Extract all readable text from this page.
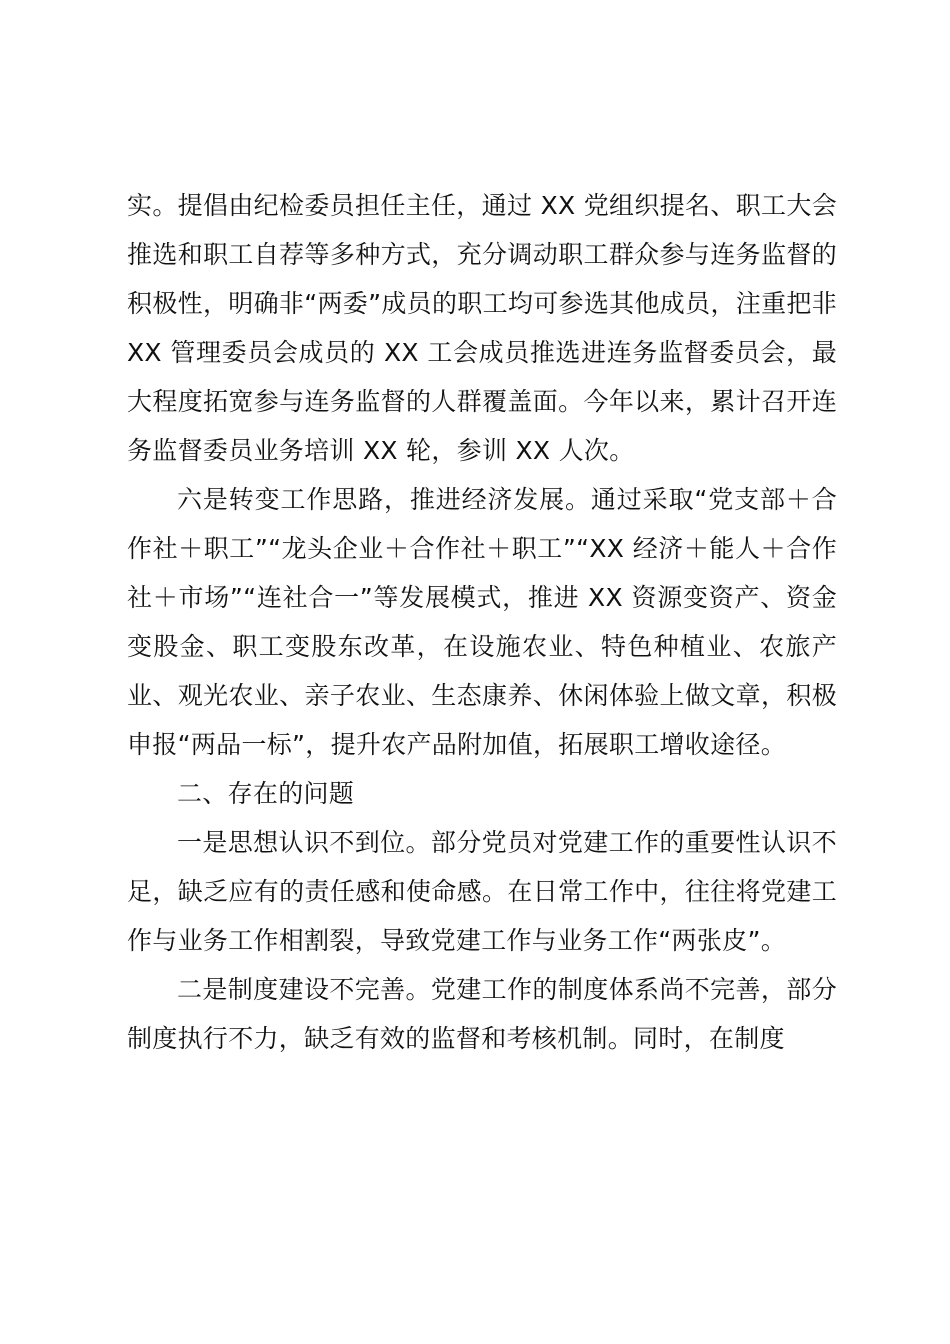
实。提倡由纪检委员担任主任，通过 XX 党组织提名、职工大会推选和职工自荐等多种方式，充分调动职工群众参与连务监督的积极性，明确非“两委”成员的职工均可参选其他成员，注重把非 XX 管理委员会成员的 XX 工会成员推选进连务监督委员会，最大程度拓宽参与连务监督的人群覆盖面。今年以来，累计召开连务监督委员业务培训 XX 轮，参训 XX 人次。

六是转变工作思路，推进经济发展。通过采取“党支部＋合作社＋职工”“龙头企业＋合作社＋职工”“XX 经济＋能人＋合作社＋市场”“连社合一”等发展模式，推进 XX 资源变资产、资金变股金、职工变股东改革，在设施农业、特色种植业、农旅产业、观光农业、亲子农业、生态康养、休闲体验上做文章，积极申报“两品一标”，提升农产品附加值，拓展职工增收途径。

二、存在的问题

一是思想认识不到位。部分党员对党建工作的重要性认识不足，缺乏应有的责任感和使命感。在日常工作中，往往将党建工作与业务工作相割裂，导致党建工作与业务工作“两张皮”。

二是制度建设不完善。党建工作的制度体系尚不完善，部分制度执行不力，缺乏有效的监督和考核机制。同时，在制度
